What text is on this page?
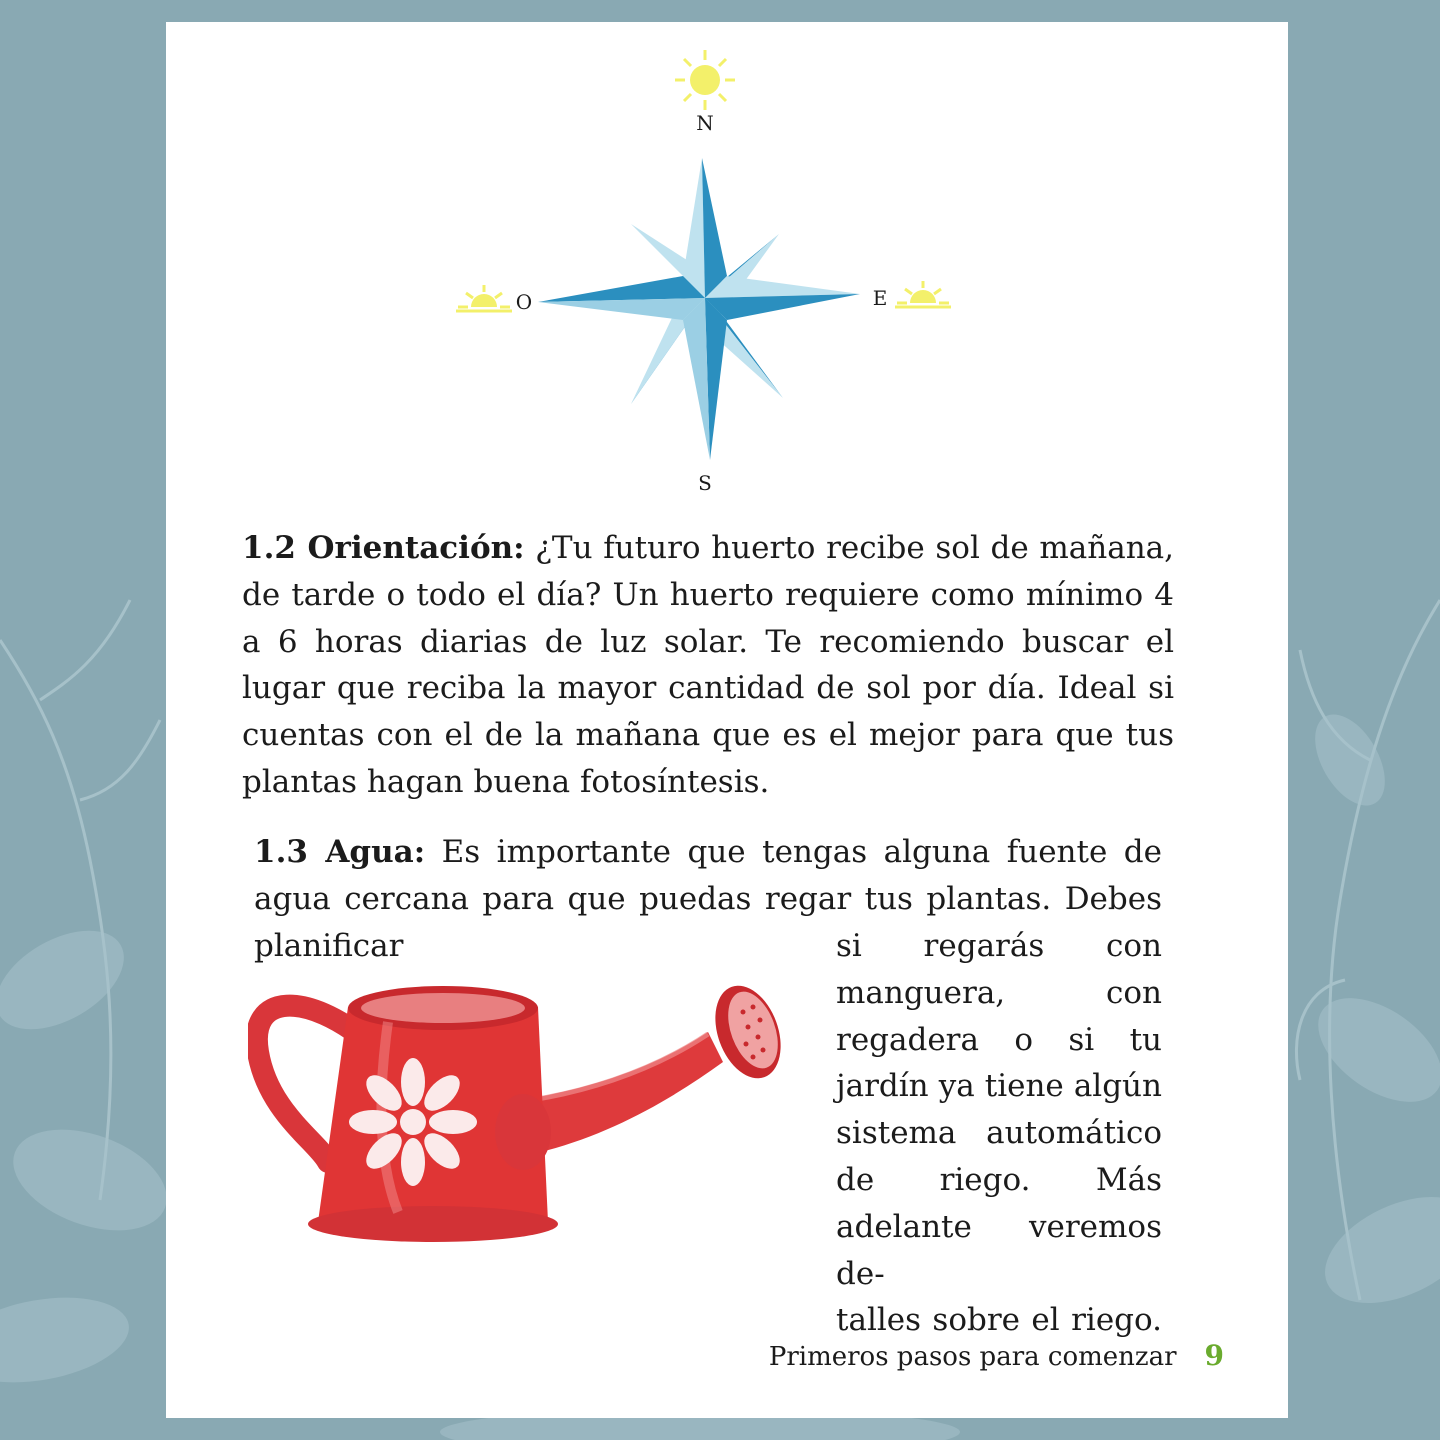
N
S
E
O

1.2 Orientación: ¿Tu futuro huerto recibe sol de mañana, de tarde o todo el día? Un huerto requiere como mínimo 4 a 6 horas diarias de luz solar. Te recomiendo buscar el lugar que reciba la mayor cantidad de sol por día. Ideal si cuentas con el de la mañana que es el mejor para que tus plantas hagan buena fotosíntesis.

1.3 Agua: Es importante que tengas alguna fuente de agua cercana para que puedas regar tus plantas. Debes planificar	si regarás con manguera, con regadera o si tu jardín ya tiene algún sistema automático de riego. Más adelante veremos de-
talles sobre el riego.

Primeros pasos para comenzar 9
